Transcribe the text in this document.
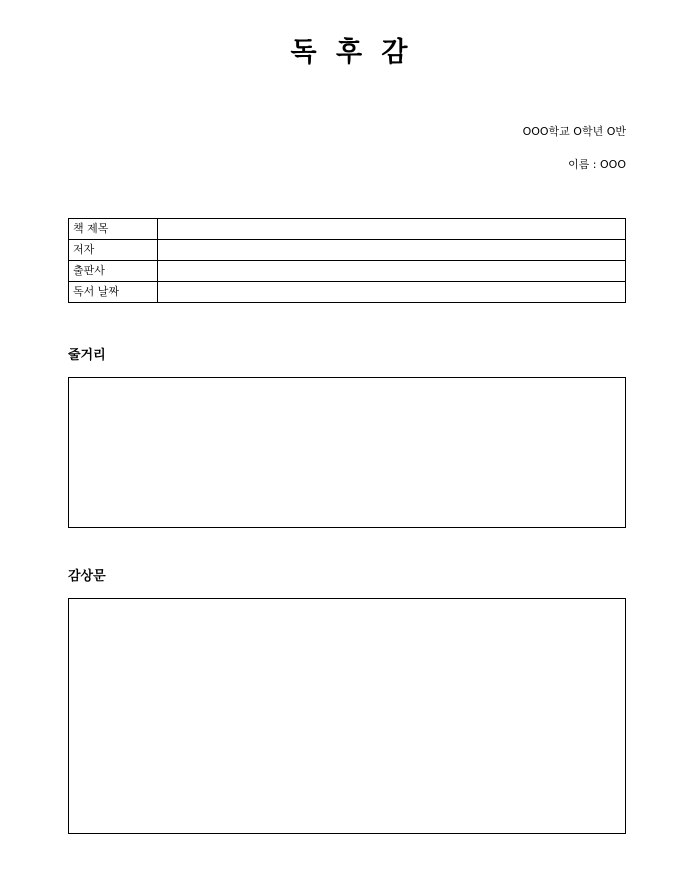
독 후 감
OOO학교 O학년 O반
이름 : OOO
책 제목	
저자	
출판사	
독서 날짜	
줄거리
감상문
